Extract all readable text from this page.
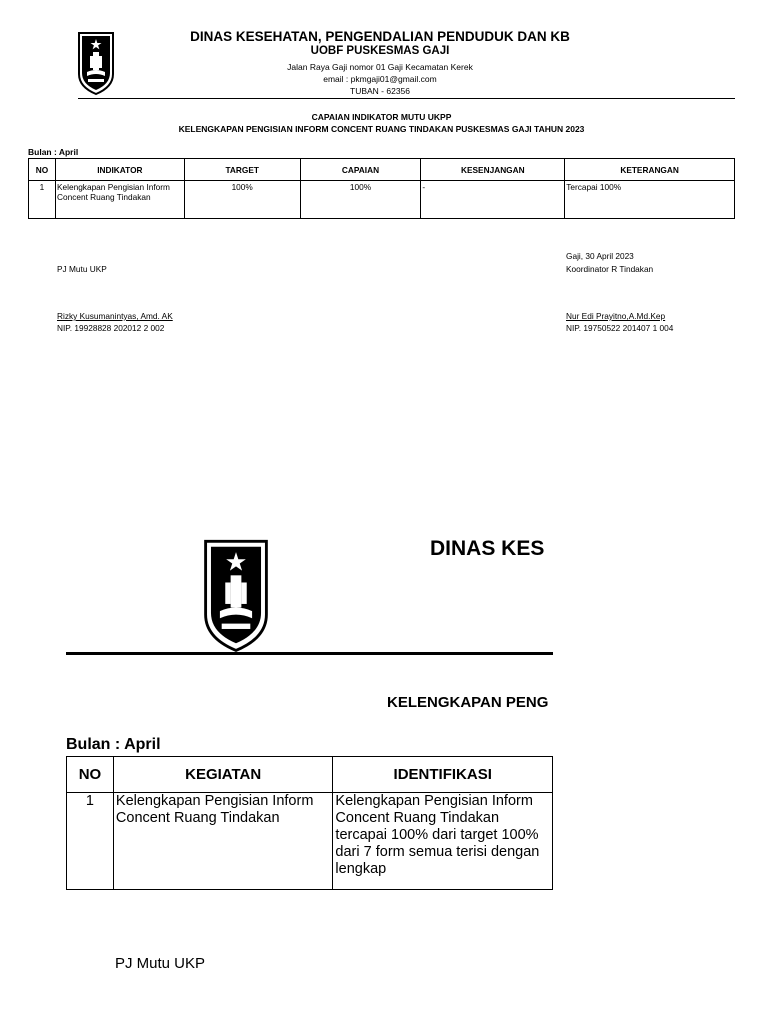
DINAS KESEHATAN, PENGENDALIAN PENDUDUK DAN KB
UOBF PUSKESMAS GAJI
Jalan Raya Gaji nomor 01 Gaji Kecamatan Kerek
email : pkmgaji01@gmail.com
TUBAN - 62356
CAPAIAN INDIKATOR MUTU UKPP
KELENGKAPAN PENGISIAN INFORM CONCENT RUANG TINDAKAN PUSKESMAS GAJI TAHUN 2023
Bulan : April
NO	INDIKATOR	TARGET	CAPAIAN	KESENJANGAN	KETERANGAN
1	Kelengkapan Pengisian Inform Concent Ruang Tindakan	100%	100%	-	Tercapai 100%
Gaji, 30 April 2023
PJ Mutu UKP	Koordinator R Tindakan
Rizky Kusumanintyas, Amd. AK
NIP. 19928828 202012 2 002
Nur Edi Prayitno,A.Md.Kep
NIP. 19750522 201407 1 004
DINAS KES
KELENGKAPAN PENG
Bulan : April
NO	KEGIATAN	IDENTIFIKASI
1	Kelengkapan Pengisian Inform Concent Ruang Tindakan	Kelengkapan Pengisian Inform Concent Ruang Tindakan tercapai 100% dari target 100% dari 7 form semua terisi dengan lengkap
PJ Mutu UKP
